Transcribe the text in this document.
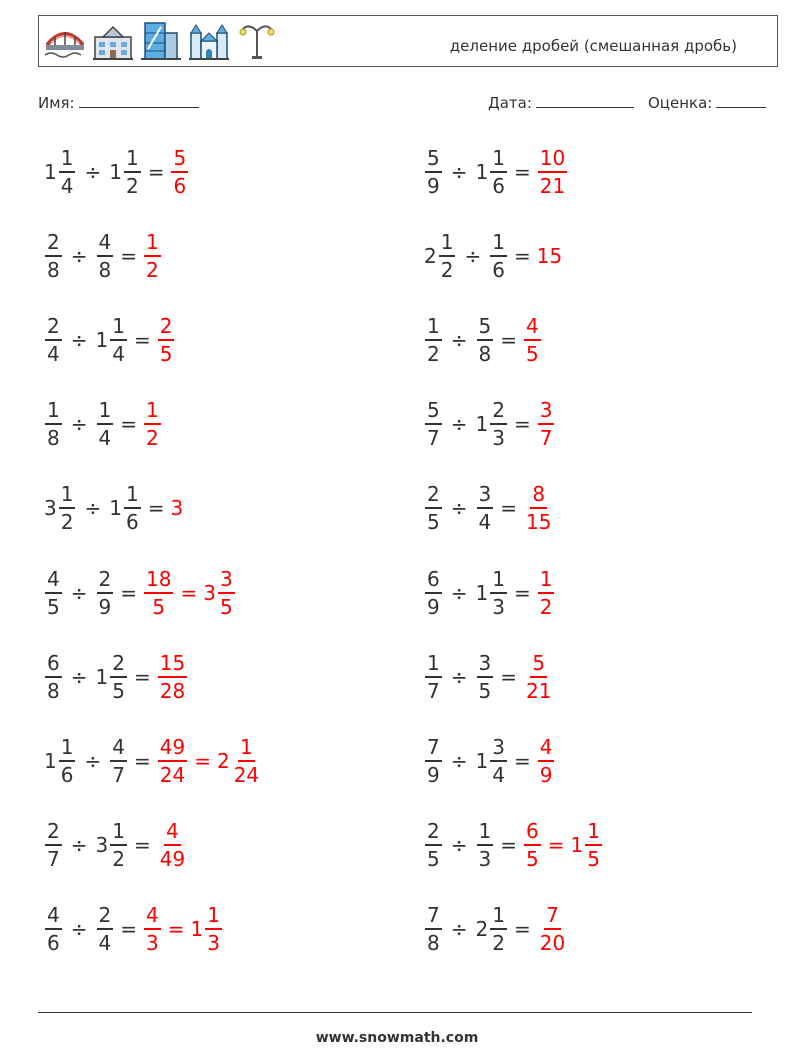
деление дробей (смешанная дробь)
Имя:	Дата:	Оценка:
$1 \frac{1}{4} \div 1 \frac{1}{2} = \frac{5}{6}$	$\frac{5}{9} \div 1 \frac{1}{6} = \frac{10}{21}$
$\frac{2}{8} \div \frac{4}{8} = \frac{1}{2}$	$2 \frac{1}{2} \div \frac{1}{6} = 15$
$\frac{2}{4} \div 1 \frac{1}{4} = \frac{2}{5}$	$\frac{1}{2} \div \frac{5}{8} = \frac{4}{5}$
$\frac{1}{8} \div \frac{1}{4} = \frac{1}{2}$	$\frac{5}{7} \div 1 \frac{2}{3} = \frac{3}{7}$
$3 \frac{1}{2} \div 1 \frac{1}{6} = 3$	$\frac{2}{5} \div \frac{3}{4} = \frac{8}{15}$
$\frac{4}{5} \div \frac{2}{9} = \frac{18}{5} = 3 \frac{3}{5}$	$\frac{6}{9} \div 1 \frac{1}{3} = \frac{1}{2}$
$\frac{6}{8} \div 1 \frac{2}{5} = \frac{15}{28}$	$\frac{1}{7} \div \frac{3}{5} = \frac{5}{21}$
$1 \frac{1}{6} \div \frac{4}{7} = \frac{49}{24} = 2 \frac{1}{24}$	$\frac{7}{9} \div 1 \frac{3}{4} = \frac{4}{9}$
$\frac{2}{7} \div 3 \frac{1}{2} = \frac{4}{49}$	$\frac{2}{5} \div \frac{1}{3} = \frac{6}{5} = 1 \frac{1}{5}$
$\frac{4}{6} \div \frac{2}{4} = \frac{4}{3} = 1 \frac{1}{3}$	$\frac{7}{8} \div 2 \frac{1}{2} = \frac{7}{20}$
www.snowmath.com
